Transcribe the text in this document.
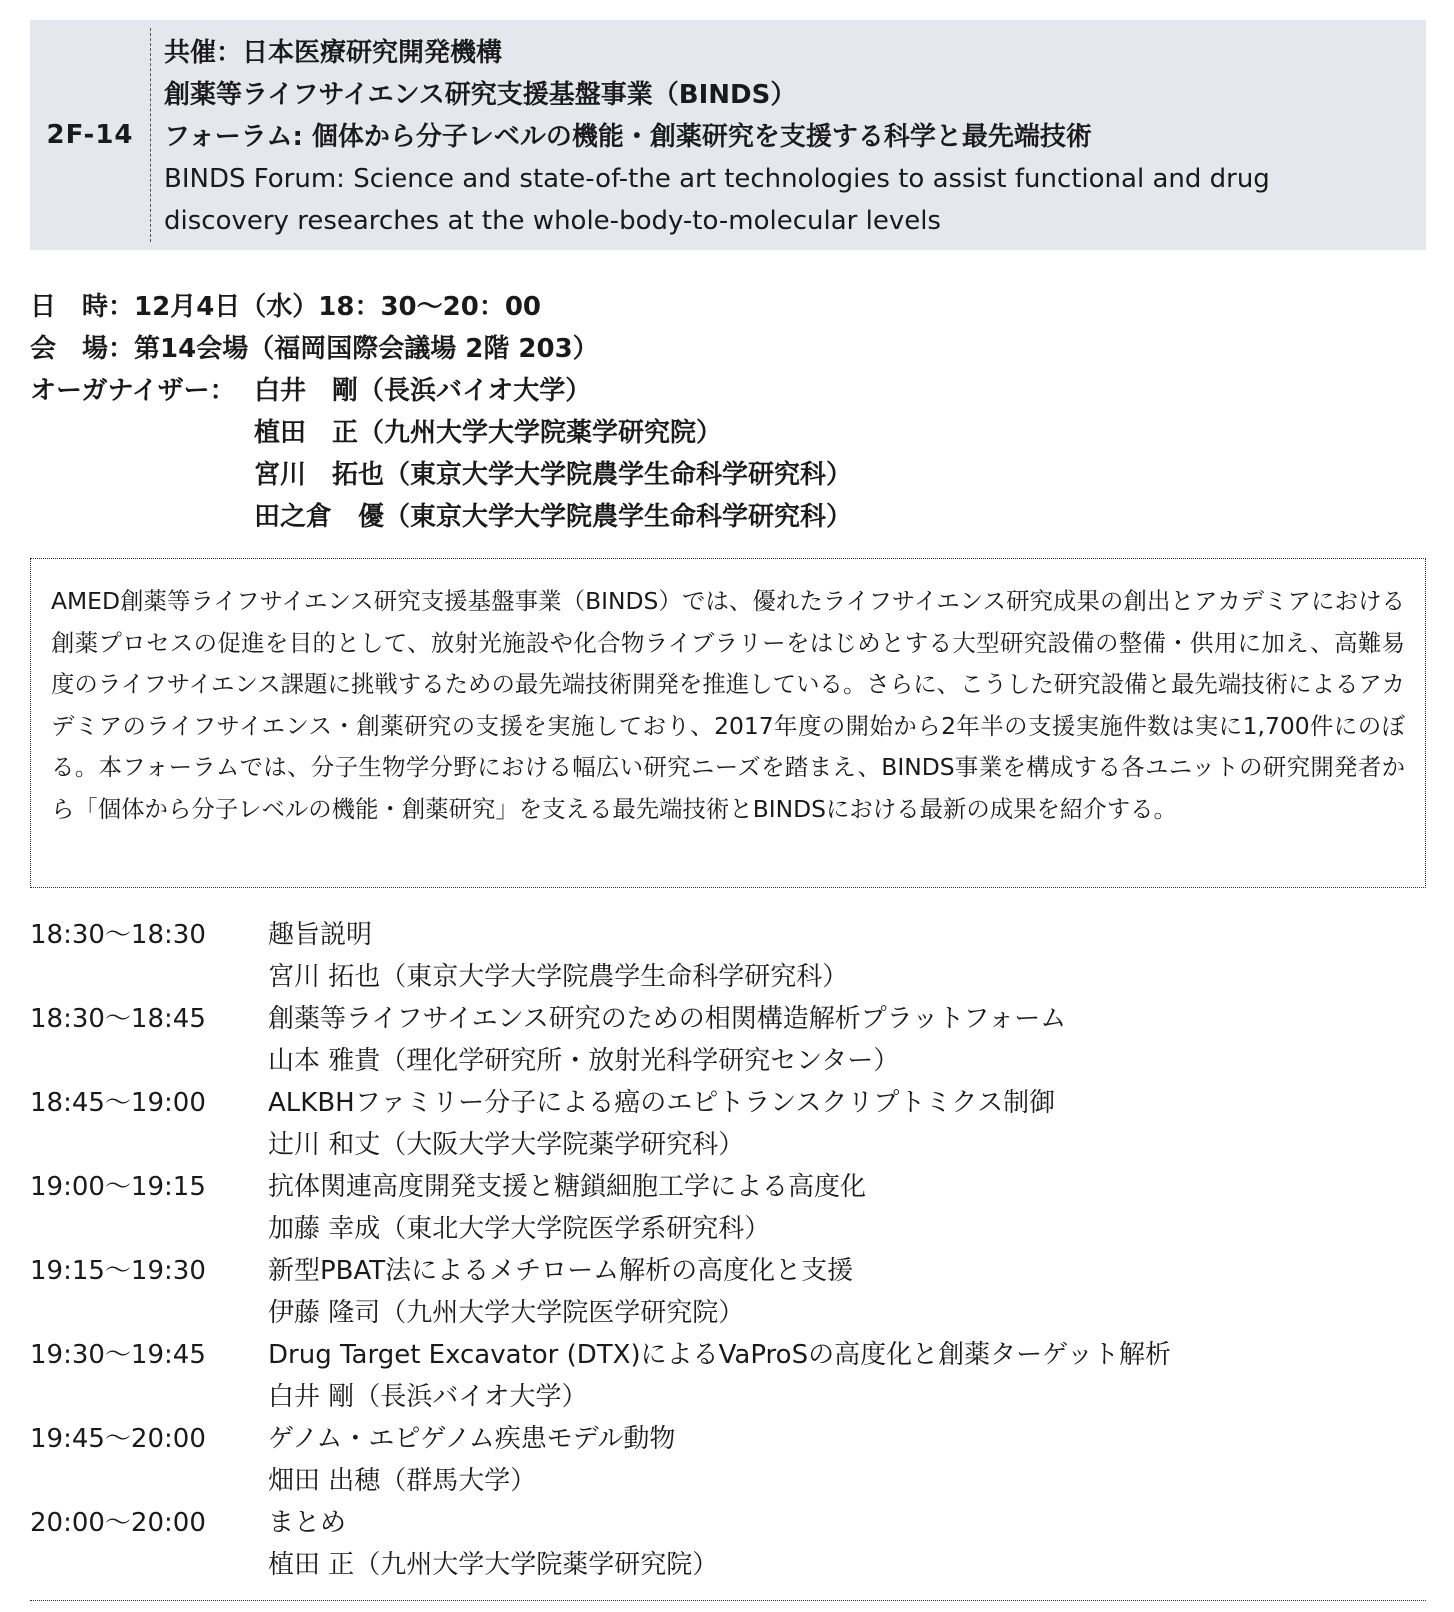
2F-14
共催：日本医療研究開発機構
創薬等ライフサイエンス研究支援基盤事業（BINDS）
フォーラム: 個体から分子レベルの機能・創薬研究を支援する科学と最先端技術
BINDS Forum: Science and state-of-the art technologies to assist functional and drug
discovery researches at the whole-body-to-molecular levels
日　時： 12月4日（水）18：30〜20：00
会　場： 第14会場（福岡国際会議場 2階 203）
オーガナイザー： 白井　剛（長浜バイオ大学）
植田　正（九州大学大学院薬学研究院）
宮川　拓也（東京大学大学院農学生命科学研究科）
田之倉　優（東京大学大学院農学生命科学研究科）
AMED創薬等ライフサイエンス研究支援基盤事業（BINDS）では、優れたライフサイエンス研究成果の創出とアカデミアにおける創薬プロセスの促進を目的として、放射光施設や化合物ライブラリーをはじめとする大型研究設備の整備・供用に加え、高難易度のライフサイエンス課題に挑戦するための最先端技術開発を推進している。さらに、こうした研究設備と最先端技術によるアカデミアのライフサイエンス・創薬研究の支援を実施しており、2017年度の開始から2年半の支援実施件数は実に1,700件にのぼる。本フォーラムでは、分子生物学分野における幅広い研究ニーズを踏まえ、BINDS事業を構成する各ユニットの研究開発者から「個体から分子レベルの機能・創薬研究」を支える最先端技術とBINDSにおける最新の成果を紹介する。
18:30〜18:30	趣旨説明
宮川 拓也（東京大学大学院農学生命科学研究科）
18:30〜18:45	創薬等ライフサイエンス研究のための相関構造解析プラットフォーム
山本 雅貴（理化学研究所・放射光科学研究センター）
18:45〜19:00	ALKBHファミリー分子による癌のエピトランスクリプトミクス制御
辻川 和丈（大阪大学大学院薬学研究科）
19:00〜19:15	抗体関連高度開発支援と糖鎖細胞工学による高度化
加藤 幸成（東北大学大学院医学系研究科）
19:15〜19:30	新型PBAT法によるメチローム解析の高度化と支援
伊藤 隆司（九州大学大学院医学研究院）
19:30〜19:45	Drug Target Excavator (DTX)によるVaProSの高度化と創薬ターゲット解析
白井 剛（長浜バイオ大学）
19:45〜20:00	ゲノム・エピゲノム疾患モデル動物
畑田 出穂（群馬大学）
20:00〜20:00	まとめ
植田 正（九州大学大学院薬学研究院）
